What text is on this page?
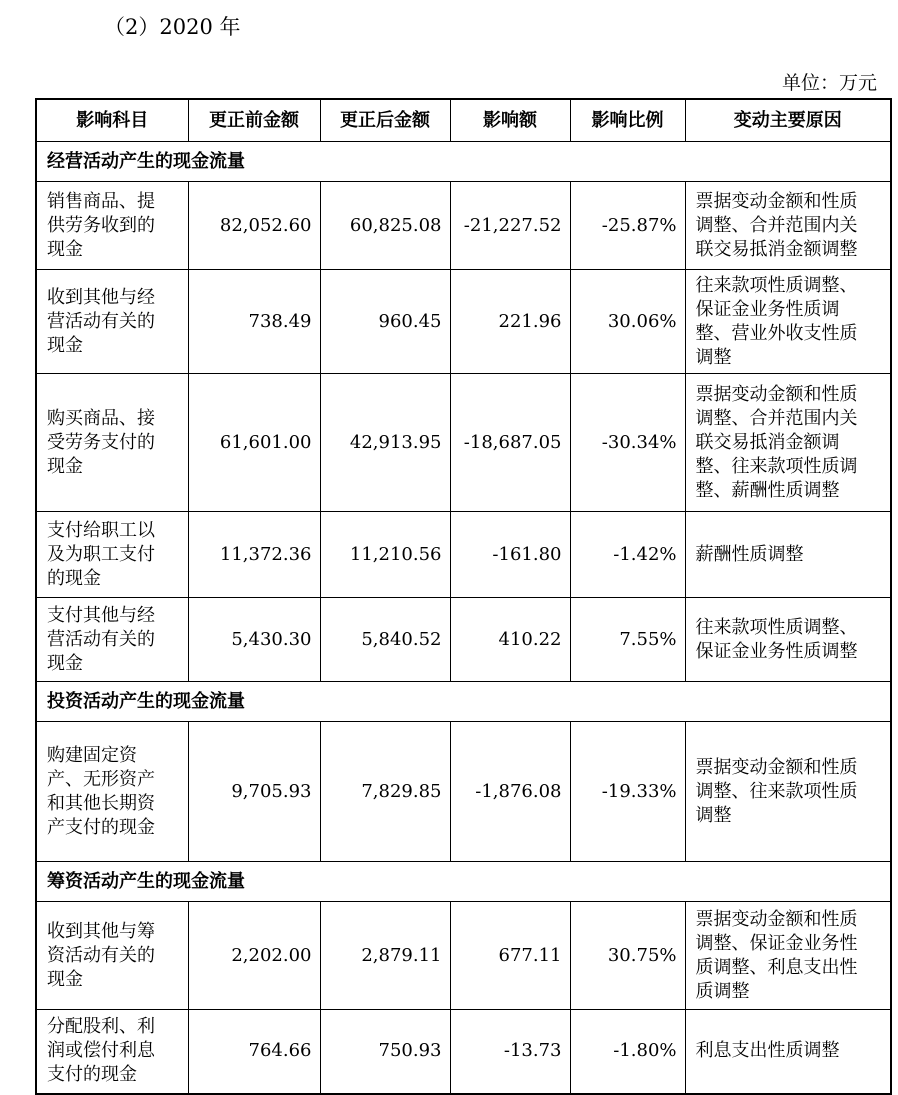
（2）2020 年
单位：万元
影响科目	更正前金额	更正后金额	影响额	影响比例	变动主要原因
经营活动产生的现金流量					

销售商品、提
供劳务收到的
现金	82,052.60	60,825.08	-21,227.52	-25.87%	票据变动金额和性质
调整、合并范围内关
联交易抵消金额调整

收到其他与经
营活动有关的
现金	738.49	960.45	221.96	30.06%	往来款项性质调整、
保证金业务性质调
整、营业外收支性质
调整

购买商品、接
受劳务支付的
现金	61,601.00	42,913.95	-18,687.05	-30.34%	票据变动金额和性质
调整、合并范围内关
联交易抵消金额调
整、往来款项性质调
整、薪酬性质调整

支付给职工以
及为职工支付
的现金	11,372.36	11,210.56	-161.80	-1.42%	薪酬性质调整

支付其他与经
营活动有关的
现金	5,430.30	5,840.52	410.22	7.55%	往来款项性质调整、
保证金业务性质调整

投资活动产生的现金流量					

购建固定资
产、无形资产
和其他长期资
产支付的现金	9,705.93	7,829.85	-1,876.08	-19.33%	票据变动金额和性质
调整、往来款项性质
调整

筹资活动产生的现金流量					

收到其他与筹
资活动有关的
现金	2,202.00	2,879.11	677.11	30.75%	票据变动金额和性质
调整、保证金业务性
质调整、利息支出性
质调整

分配股利、利
润或偿付利息
支付的现金	764.66	750.93	-13.73	-1.80%	利息支出性质调整
